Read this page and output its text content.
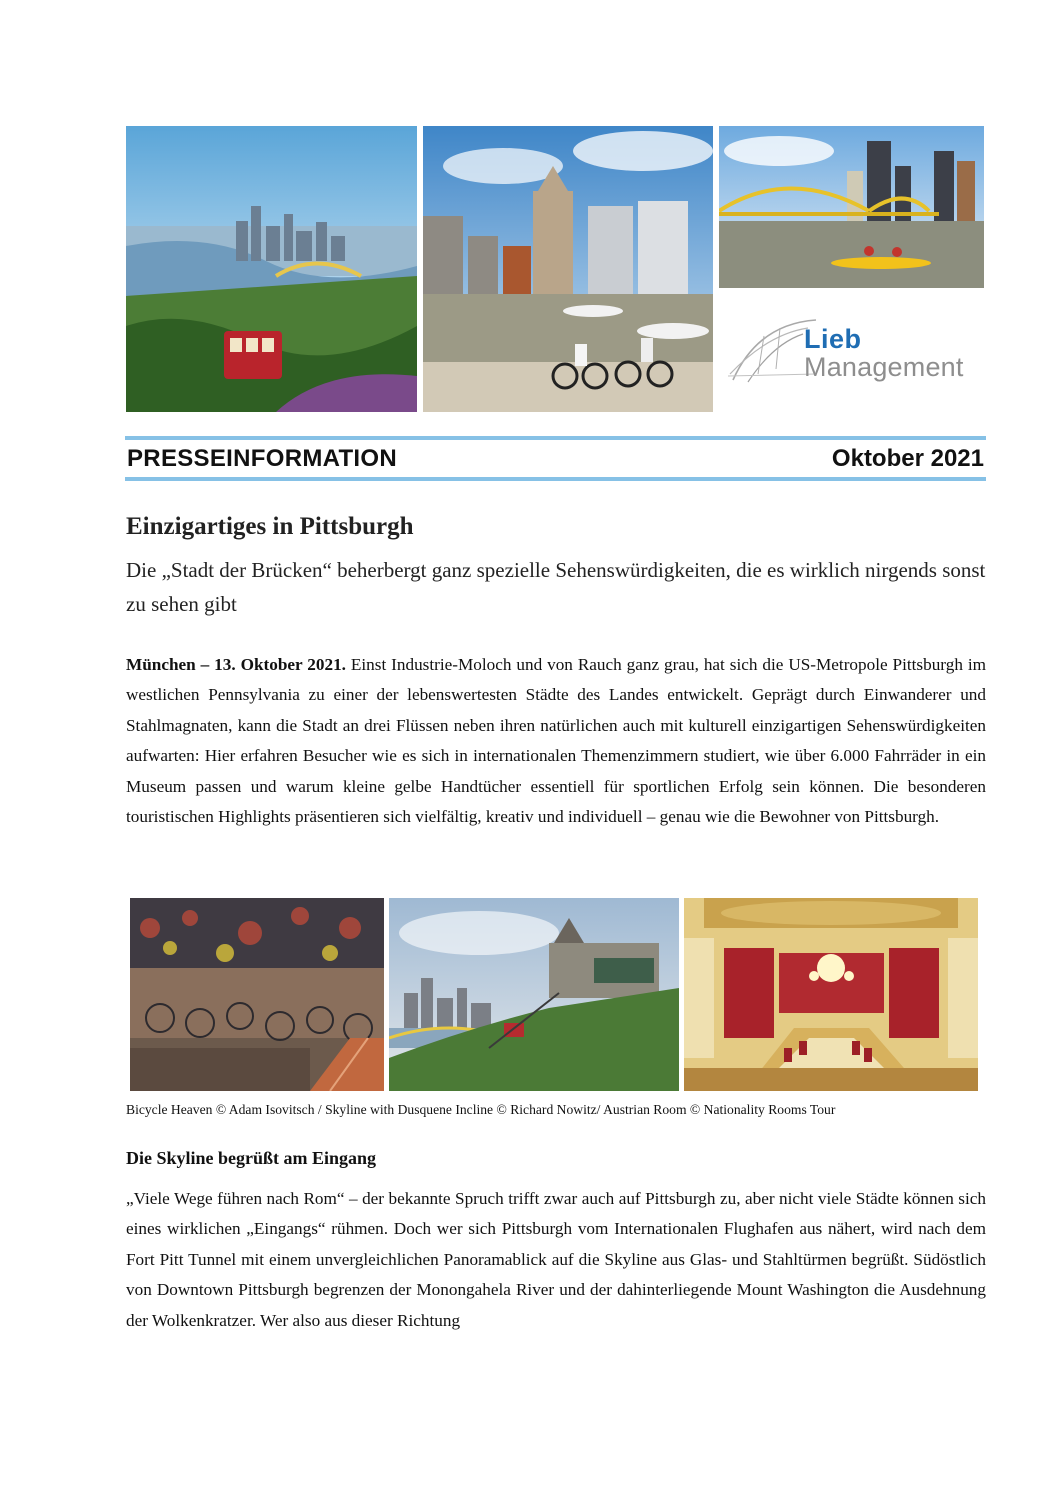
Lieb
Management
PRESSEINFORMATION	Oktober 2021
Einzigartiges in Pittsburgh
Die „Stadt der Brücken“ beherbergt ganz spezielle Sehenswürdigkeiten, die es wirklich nirgends sonst zu sehen gibt
München – 13. Oktober 2021. Einst Industrie-Moloch und von Rauch ganz grau, hat sich die US-Metropole Pittsburgh im westlichen Pennsylvania zu einer der lebenswertesten Städte des Landes entwickelt. Geprägt durch Einwanderer und Stahlmagnaten, kann die Stadt an drei Flüssen neben ihren natürlichen auch mit kulturell einzigartigen Sehenswürdigkeiten aufwarten: Hier erfahren Besucher wie es sich in internationalen Themenzimmern studiert, wie über 6.000 Fahrräder in ein Museum passen und warum kleine gelbe Handtücher essentiell für sportlichen Erfolg sein können. Die besonderen touristischen Highlights präsentieren sich vielfältig, kreativ und individuell – genau wie die Bewohner von Pittsburgh.
Bicycle Heaven © Adam Isovitsch / Skyline with Dusquene Incline © Richard Nowitz/ Austrian Room © Nationality Rooms Tour
Die Skyline begrüßt am Eingang
„Viele Wege führen nach Rom“ – der bekannte Spruch trifft zwar auch auf Pittsburgh zu, aber nicht viele Städte können sich eines wirklichen „Eingangs“ rühmen. Doch wer sich Pittsburgh vom Internationalen Flughafen aus nähert, wird nach dem Fort Pitt Tunnel mit einem unvergleichlichen Panoramablick auf die Skyline aus Glas- und Stahltürmen begrüßt. Südöstlich von Downtown Pittsburgh begrenzen der Monongahela River und der dahinterliegende Mount Washington die Ausdehnung der Wolkenkratzer. Wer also aus dieser Richtung
